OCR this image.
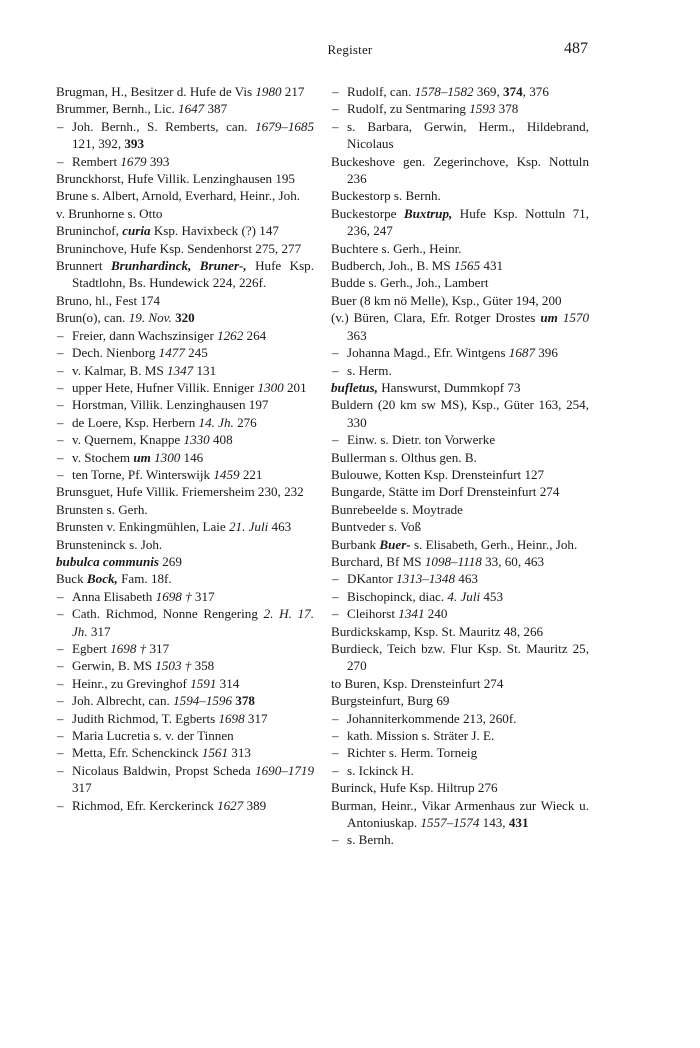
Register	487
Brugman, H., Besitzer d. Hufe de Vis 1980 217
Brummer, Bernh., Lic. 1647 387
– Joh. Bernh., S. Remberts, can. 1679–1685 121, 392, 393
– Rembert 1679 393
Brunckhorst, Hufe Villik. Lenzinghausen 195
Brune s. Albert, Arnold, Everhard, Heinr., Joh.
v. Brunhorne s. Otto
Bruninchof, curia Ksp. Havixbeck (?) 147
Bruninchove, Hufe Ksp. Sendenhorst 275, 277
Brunnert Brunhardinck, Bruner-, Hufe Ksp. Stadtlohn, Bs. Hundewick 224, 226f.
Bruno, hl., Fest 174
Brun(o), can. 19. Nov. 320
– Freier, dann Wachszinsiger 1262 264
– Dech. Nienborg 1477 245
– v. Kalmar, B. MS 1347 131
– upper Hete, Hufner Villik. Enniger 1300 201
– Horstman, Villik. Lenzinghausen 197
– de Loere, Ksp. Herbern 14. Jh. 276
– v. Quernem, Knappe 1330 408
– v. Stochem um 1300 146
– ten Torne, Pf. Winterswijk 1459 221
Brunsguet, Hufe Villik. Friemersheim 230, 232
Brunsten s. Gerh.
Brunsten v. Enkingmühlen, Laie 21. Juli 463
Brunsteninck s. Joh.
bubulca communis 269
Buck Bock, Fam. 18f.
– Anna Elisabeth 1698 † 317
– Cath. Richmod, Nonne Rengering 2. H. 17. Jh. 317
– Egbert 1698 † 317
– Gerwin, B. MS 1503 † 358
– Heinr., zu Grevinghof 1591 314
– Joh. Albrecht, can. 1594–1596 378
– Judith Richmod, T. Egberts 1698 317
– Maria Lucretia s. v. der Tinnen
– Metta, Efr. Schenckinck 1561 313
– Nicolaus Baldwin, Propst Scheda 1690–1719 317
– Richmod, Efr. Kerckerinck 1627 389
– Rudolf, can. 1578–1582 369, 374, 376
– Rudolf, zu Sentmaring 1593 378
– s. Barbara, Gerwin, Herm., Hildebrand, Nicolaus
Buckeshove gen. Zegerinchove, Ksp. Nottuln 236
Buckestorp s. Bernh.
Buckestorpe Buxtrup, Hufe Ksp. Nottuln 71, 236, 247
Buchtere s. Gerh., Heinr.
Budberch, Joh., B. MS 1565 431
Budde s. Gerh., Joh., Lambert
Buer (8 km nö Melle), Ksp., Güter 194, 200
(v.) Büren, Clara, Efr. Rotger Drostes um 1570 363
– Johanna Magd., Efr. Wintgens 1687 396
– s. Herm.
bufletus, Hanswurst, Dummkopf 73
Buldern (20 km sw MS), Ksp., Güter 163, 254, 330
– Einw. s. Dietr. ton Vorwerke
Bullerman s. Olthus gen. B.
Bulouwe, Kotten Ksp. Drensteinfurt 127
Bungarde, Stätte im Dorf Drensteinfurt 274
Bunrebeelde s. Moytrade
Buntveder s. Voß
Burbank Buer- s. Elisabeth, Gerh., Heinr., Joh.
Burchard, Bf MS 1098–1118 33, 60, 463
– DKantor 1313–1348 463
– Bischopinck, diac. 4. Juli 453
– Cleihorst 1341 240
Burdickskamp, Ksp. St. Mauritz 48, 266
Burdieck, Teich bzw. Flur Ksp. St. Mauritz 25, 270
to Buren, Ksp. Drensteinfurt 274
Burgsteinfurt, Burg 69
– Johanniterkommende 213, 260f.
– kath. Mission s. Sträter J. E.
– Richter s. Herm. Torneig
– s. Ickinck H.
Burinck, Hufe Ksp. Hiltrup 276
Burman, Heinr., Vikar Armenhaus zur Wieck u. Antoniuskap. 1557–1574 143, 431
– s. Bernh.
